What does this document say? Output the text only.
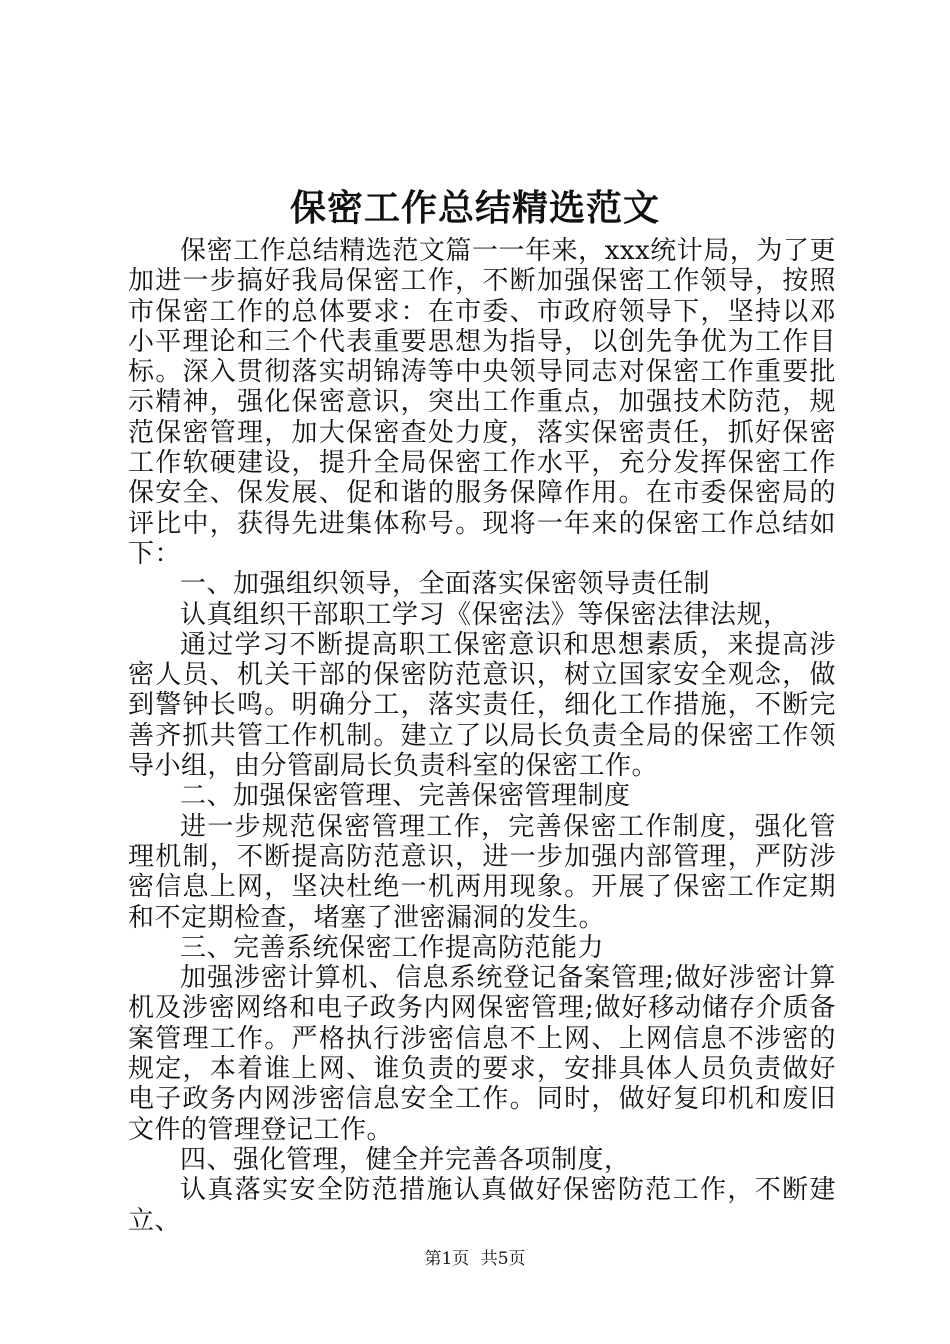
保密工作总结精选范文

保密工作总结精选范文篇一一年来，xxx统计局，为了更加进一步搞好我局保密工作，不断加强保密工作领导，按照市保密工作的总体要求：在市委、市政府领导下，坚持以邓小平理论和三个代表重要思想为指导，以创先争优为工作目标。深入贯彻落实胡锦涛等中央领导同志对保密工作重要批示精神，强化保密意识，突出工作重点，加强技术防范，规范保密管理，加大保密查处力度，落实保密责任，抓好保密工作软硬建设，提升全局保密工作水平，充分发挥保密工作保安全、保发展、促和谐的服务保障作用。在市委保密局的评比中，获得先进集体称号。现将一年来的保密工作总结如下：

一、加强组织领导，全面落实保密领导责任制

认真组织干部职工学习《保密法》等保密法律法规，

通过学习不断提高职工保密意识和思想素质，来提高涉密人员、机关干部的保密防范意识，树立国家安全观念，做到警钟长鸣。明确分工，落实责任，细化工作措施，不断完善齐抓共管工作机制。建立了以局长负责全局的保密工作领导小组，由分管副局长负责科室的保密工作。

二、加强保密管理、完善保密管理制度

进一步规范保密管理工作，完善保密工作制度，强化管理机制，不断提高防范意识，进一步加强内部管理，严防涉密信息上网，坚决杜绝一机两用现象。开展了保密工作定期和不定期检查，堵塞了泄密漏洞的发生。

三、完善系统保密工作提高防范能力

加强涉密计算机、信息系统登记备案管理;做好涉密计算机及涉密网络和电子政务内网保密管理;做好移动储存介质备案管理工作。严格执行涉密信息不上网、上网信息不涉密的规定，本着谁上网、谁负责的要求，安排具体人员负责做好电子政务内网涉密信息安全工作。同时，做好复印机和废旧文件的管理登记工作。

四、强化管理，健全并完善各项制度，

认真落实安全防范措施认真做好保密防范工作，不断建立、

第1页 共5页
